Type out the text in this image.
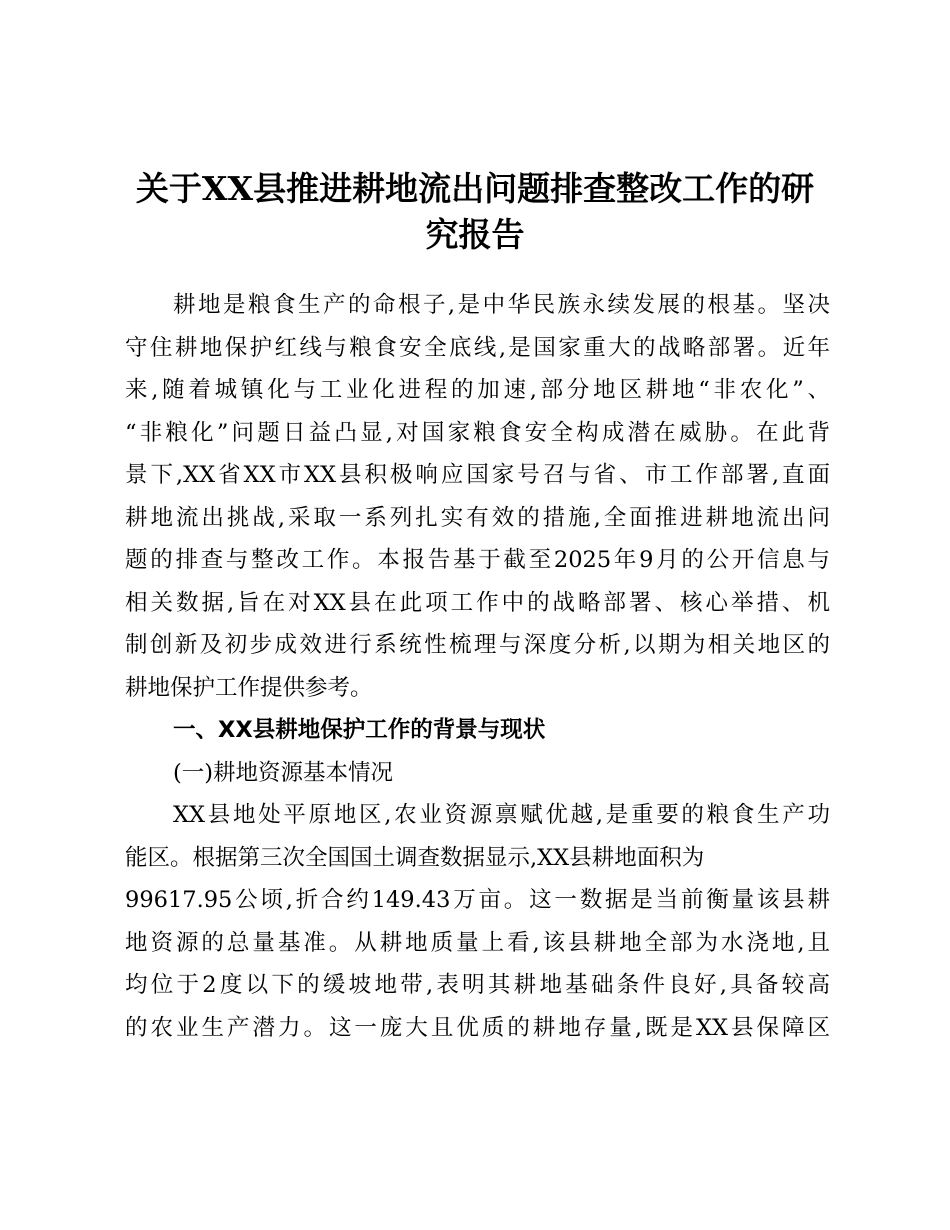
关于XX县推进耕地流出问题排查整改工作的研
究报告
耕地是粮食生产的命根子,是中华民族永续发展的根基。坚决
守住耕地保护红线与粮食安全底线,是国家重大的战略部署。近年
来,随着城镇化与工业化进程的加速,部分地区耕地“非农化”、
“非粮化”问题日益凸显,对国家粮食安全构成潜在威胁。在此背
景下,XX省XX市XX县积极响应国家号召与省、市工作部署,直面
耕地流出挑战,采取一系列扎实有效的措施,全面推进耕地流出问
题的排查与整改工作。本报告基于截至2025年9月的公开信息与
相关数据,旨在对XX县在此项工作中的战略部署、核心举措、机
制创新及初步成效进行系统性梳理与深度分析,以期为相关地区的
耕地保护工作提供参考。
一、XX县耕地保护工作的背景与现状
(一)耕地资源基本情况
XX县地处平原地区,农业资源禀赋优越,是重要的粮食生产功
能区。根据第三次全国国土调查数据显示,XX县耕地面积为
99617.95公顷,折合约149.43万亩。这一数据是当前衡量该县耕
地资源的总量基准。从耕地质量上看,该县耕地全部为水浇地,且
均位于2度以下的缓坡地带,表明其耕地基础条件良好,具备较高
的农业生产潜力。这一庞大且优质的耕地存量,既是XX县保障区
